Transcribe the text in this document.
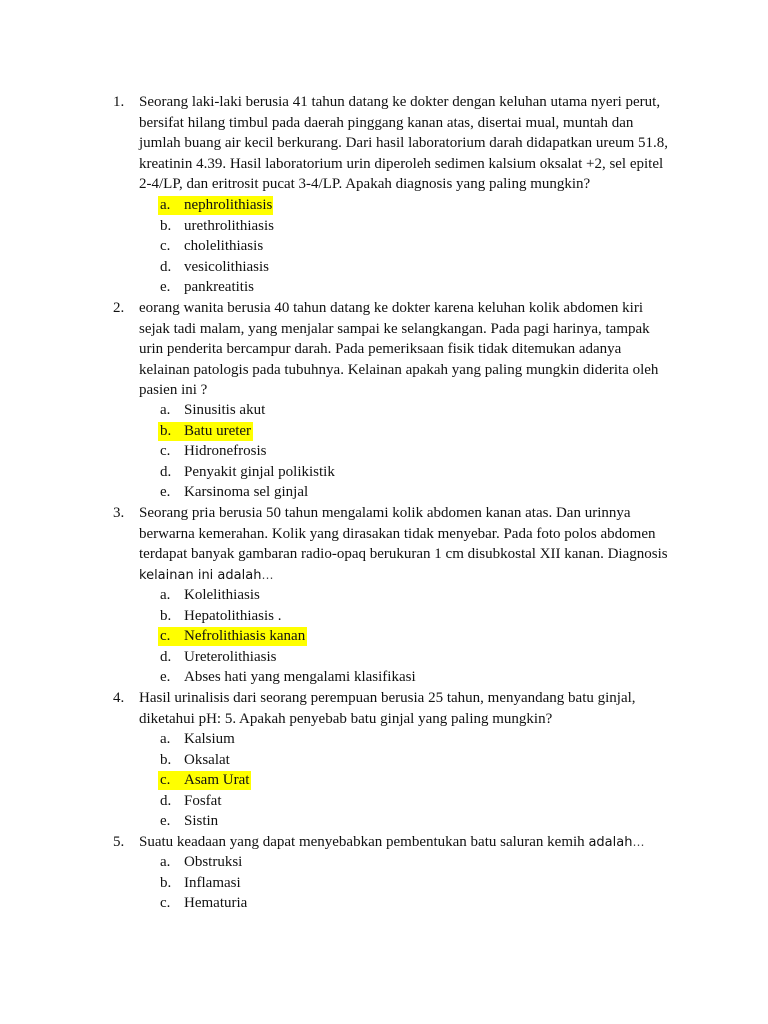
1. Seorang laki-laki berusia 41 tahun datang ke dokter dengan keluhan utama nyeri perut,
bersifat hilang timbul pada daerah pinggang kanan atas, disertai mual, muntah dan
jumlah buang air kecil berkurang. Dari hasil laboratorium darah didapatkan ureum 51.8,
kreatinin 4.39. Hasil laboratorium urin diperoleh sedimen kalsium oksalat +2, sel epitel
2-4/LP, dan eritrosit pucat 3-4/LP. Apakah diagnosis yang paling mungkin?
a. nephrolithiasis
b. urethrolithiasis
c. cholelithiasis
d. vesicolithiasis
e. pankreatitis
2. eorang wanita berusia 40 tahun datang ke dokter karena keluhan kolik abdomen kiri
sejak tadi malam, yang menjalar sampai ke selangkangan. Pada pagi harinya, tampak
urin penderita bercampur darah. Pada pemeriksaan fisik tidak ditemukan adanya
kelainan patologis pada tubuhnya. Kelainan apakah yang paling mungkin diderita oleh
pasien ini ?
a. Sinusitis akut
b. Batu ureter
c. Hidronefrosis
d. Penyakit ginjal polikistik
e. Karsinoma sel ginjal
3. Seorang pria berusia 50 tahun mengalami kolik abdomen kanan atas. Dan urinnya
berwarna kemerahan. Kolik yang dirasakan tidak menyebar. Pada foto polos abdomen
terdapat banyak gambaran radio-opaq berukuran 1 cm disubkostal XII kanan. Diagnosis
kelainan ini adalah…
a. Kolelithiasis
b. Hepatolithiasis .
c. Nefrolithiasis kanan
d. Ureterolithiasis
e. Abses hati yang mengalami klasifikasi
4. Hasil urinalisis dari seorang perempuan berusia 25 tahun, menyandang batu ginjal,
diketahui pH: 5. Apakah penyebab batu ginjal yang paling mungkin?
a. Kalsium
b. Oksalat
c. Asam Urat
d. Fosfat
e. Sistin
5. Suatu keadaan yang dapat menyebabkan pembentukan batu saluran kemih adalah…
a. Obstruksi
b. Inflamasi
c. Hematuria
